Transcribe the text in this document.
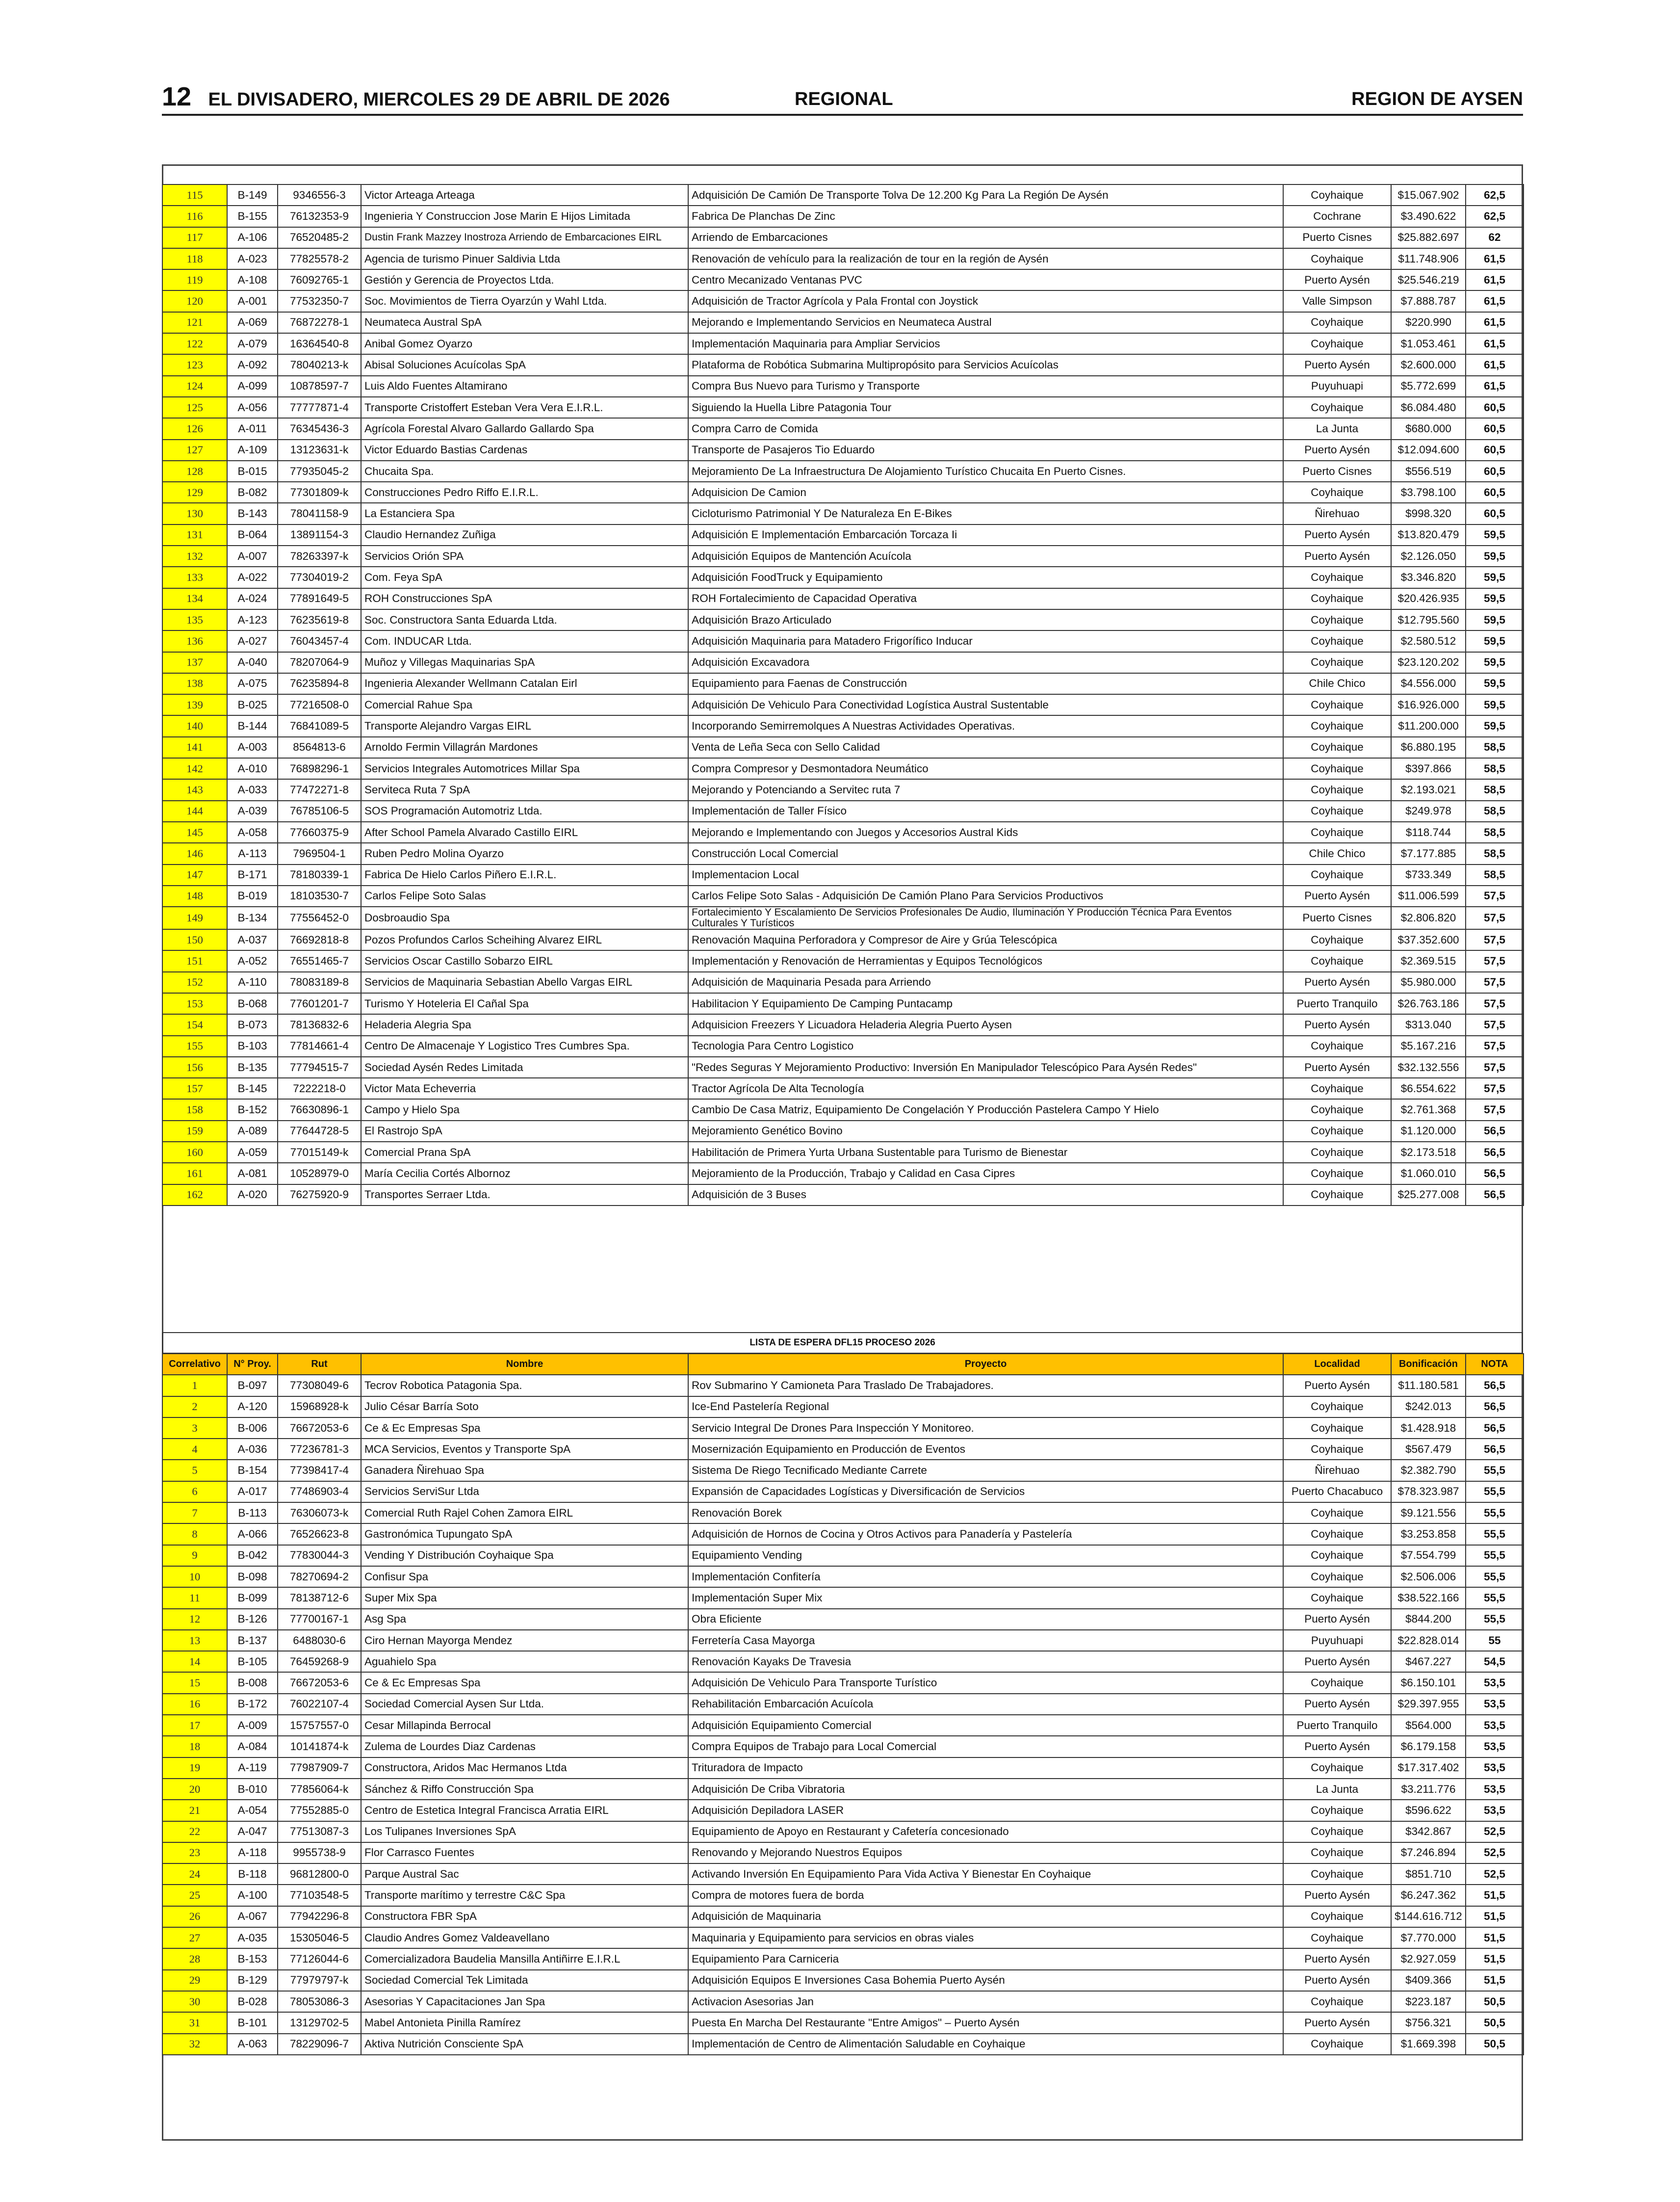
12 EL DIVISADERO, MIERCOLES 29 DE ABRIL DE 2026	REGIONAL	REGION DE AYSEN
115	B-149	9346556-3	Victor Arteaga Arteaga	Adquisición De Camión De Transporte Tolva De 12.200 Kg Para La Región De Aysén	Coyhaique	$15.067.902	62,5
116	B-155	76132353-9	Ingenieria Y Construccion Jose Marin E Hijos Limitada	Fabrica De Planchas De Zinc	Cochrane	$3.490.622	62,5
117	A-106	76520485-2	Dustin Frank Mazzey Inostroza Arriendo de Embarcaciones EIRL	Arriendo de Embarcaciones	Puerto Cisnes	$25.882.697	62
118	A-023	77825578-2	Agencia de turismo Pinuer Saldivia Ltda	Renovación de vehículo para la realización de tour en la región de Aysén	Coyhaique	$11.748.906	61,5
119	A-108	76092765-1	Gestión y Gerencia de Proyectos Ltda.	Centro Mecanizado Ventanas PVC	Puerto Aysén	$25.546.219	61,5
120	A-001	77532350-7	Soc. Movimientos de Tierra Oyarzún y Wahl Ltda.	Adquisición de Tractor Agrícola y Pala Frontal con Joystick	Valle Simpson	$7.888.787	61,5
121	A-069	76872278-1	Neumateca Austral SpA	Mejorando e Implementando Servicios en Neumateca Austral	Coyhaique	$220.990	61,5
122	A-079	16364540-8	Anibal Gomez Oyarzo	Implementación Maquinaria para Ampliar Servicios	Coyhaique	$1.053.461	61,5
123	A-092	78040213-k	Abisal Soluciones Acuícolas SpA	Plataforma de Robótica Submarina Multipropósito para Servicios Acuícolas	Puerto Aysén	$2.600.000	61,5
124	A-099	10878597-7	Luis Aldo Fuentes Altamirano	Compra Bus Nuevo para Turismo y Transporte	Puyuhuapi	$5.772.699	61,5
125	A-056	77777871-4	Transporte Cristoffert Esteban Vera Vera E.I.R.L.	Siguiendo la Huella Libre Patagonia Tour	Coyhaique	$6.084.480	60,5
126	A-011	76345436-3	Agrícola Forestal Alvaro Gallardo Gallardo Spa	Compra Carro de Comida	La Junta	$680.000	60,5
127	A-109	13123631-k	Victor Eduardo Bastias Cardenas	Transporte de Pasajeros Tio Eduardo	Puerto Aysén	$12.094.600	60,5
128	B-015	77935045-2	Chucaita Spa.	Mejoramiento De La Infraestructura De Alojamiento Turístico Chucaita En Puerto Cisnes.	Puerto Cisnes	$556.519	60,5
129	B-082	77301809-k	Construcciones Pedro Riffo E.I.R.L.	Adquisicion De Camion	Coyhaique	$3.798.100	60,5
130	B-143	78041158-9	La Estanciera Spa	Cicloturismo Patrimonial Y De Naturaleza En E-Bikes	Ñirehuao	$998.320	60,5
131	B-064	13891154-3	Claudio Hernandez Zuñiga	Adquisición E Implementación Embarcación Torcaza Ii	Puerto Aysén	$13.820.479	59,5
132	A-007	78263397-k	Servicios Orión SPA	Adquisición Equipos de Mantención Acuícola	Puerto Aysén	$2.126.050	59,5
133	A-022	77304019-2	Com. Feya SpA	Adquisición FoodTruck y Equipamiento	Coyhaique	$3.346.820	59,5
134	A-024	77891649-5	ROH Construcciones SpA	ROH Fortalecimiento de Capacidad Operativa	Coyhaique	$20.426.935	59,5
135	A-123	76235619-8	Soc. Constructora Santa Eduarda Ltda.	Adquisición Brazo Articulado	Coyhaique	$12.795.560	59,5
136	A-027	76043457-4	Com. INDUCAR Ltda.	Adquisición Maquinaria para Matadero Frigorífico Inducar	Coyhaique	$2.580.512	59,5
137	A-040	78207064-9	Muñoz y Villegas Maquinarias SpA	Adquisición Excavadora	Coyhaique	$23.120.202	59,5
138	A-075	76235894-8	Ingenieria Alexander Wellmann Catalan Eirl	Equipamiento para Faenas de Construcción	Chile Chico	$4.556.000	59,5
139	B-025	77216508-0	Comercial Rahue Spa	Adquisición De Vehiculo Para Conectividad Logística Austral Sustentable	Coyhaique	$16.926.000	59,5
140	B-144	76841089-5	Transporte Alejandro Vargas EIRL	Incorporando Semirremolques A Nuestras Actividades Operativas.	Coyhaique	$11.200.000	59,5
141	A-003	8564813-6	Arnoldo Fermin Villagrán Mardones	Venta de Leña Seca con Sello Calidad	Coyhaique	$6.880.195	58,5
142	A-010	76898296-1	Servicios Integrales Automotrices Millar Spa	Compra Compresor y Desmontadora Neumático	Coyhaique	$397.866	58,5
143	A-033	77472271-8	Serviteca Ruta 7 SpA	Mejorando y Potenciando a Servitec ruta 7	Coyhaique	$2.193.021	58,5
144	A-039	76785106-5	SOS Programación Automotriz Ltda.	Implementación de Taller Físico	Coyhaique	$249.978	58,5
145	A-058	77660375-9	After School Pamela Alvarado Castillo EIRL	Mejorando e Implementando con Juegos y Accesorios Austral Kids	Coyhaique	$118.744	58,5
146	A-113	7969504-1	Ruben Pedro Molina Oyarzo	Construcción Local Comercial	Chile Chico	$7.177.885	58,5
147	B-171	78180339-1	Fabrica De Hielo Carlos Piñero E.I.R.L.	Implementacion Local	Coyhaique	$733.349	58,5
148	B-019	18103530-7	Carlos Felipe Soto Salas	Carlos Felipe Soto Salas - Adquisición De Camión Plano Para Servicios Productivos	Puerto Aysén	$11.006.599	57,5
149	B-134	77556452-0	Dosbroaudio Spa	Fortalecimiento Y Escalamiento De Servicios Profesionales De Audio, Iluminación Y Producción Técnica Para Eventos Culturales Y Turísticos	Puerto Cisnes	$2.806.820	57,5
150	A-037	76692818-8	Pozos Profundos Carlos Scheihing Alvarez EIRL	Renovación Maquina Perforadora y Compresor de Aire y Grúa Telescópica	Coyhaique	$37.352.600	57,5
151	A-052	76551465-7	Servicios Oscar Castillo Sobarzo EIRL	Implementación y Renovación de Herramientas y Equipos Tecnológicos	Coyhaique	$2.369.515	57,5
152	A-110	78083189-8	Servicios de Maquinaria Sebastian Abello Vargas EIRL	Adquisición de Maquinaria Pesada para Arriendo	Puerto Aysén	$5.980.000	57,5
153	B-068	77601201-7	Turismo Y Hoteleria El Cañal Spa	Habilitacion Y Equipamiento De Camping Puntacamp	Puerto Tranquilo	$26.763.186	57,5
154	B-073	78136832-6	Heladeria Alegria Spa	Adquisicion Freezers Y Licuadora Heladeria Alegria Puerto Aysen	Puerto Aysén	$313.040	57,5
155	B-103	77814661-4	Centro De Almacenaje Y Logistico Tres Cumbres Spa.	Tecnologia Para Centro Logistico	Coyhaique	$5.167.216	57,5
156	B-135	77794515-7	Sociedad Aysén Redes Limitada	"Redes Seguras Y Mejoramiento Productivo: Inversión En Manipulador Telescópico Para Aysén Redes"	Puerto Aysén	$32.132.556	57,5
157	B-145	7222218-0	Victor Mata Echeverria	Tractor Agrícola De Alta Tecnología	Coyhaique	$6.554.622	57,5
158	B-152	76630896-1	Campo y Hielo Spa	Cambio De Casa Matriz, Equipamiento De Congelación Y Producción Pastelera Campo Y Hielo	Coyhaique	$2.761.368	57,5
159	A-089	77644728-5	El Rastrojo SpA	Mejoramiento Genético Bovino	Coyhaique	$1.120.000	56,5
160	A-059	77015149-k	Comercial Prana SpA	Habilitación de Primera Yurta Urbana Sustentable para Turismo de Bienestar	Coyhaique	$2.173.518	56,5
161	A-081	10528979-0	María Cecilia Cortés Albornoz	Mejoramiento de la Producción, Trabajo y Calidad en Casa Cipres	Coyhaique	$1.060.010	56,5
162	A-020	76275920-9	Transportes Serraer Ltda.	Adquisición de 3 Buses	Coyhaique	$25.277.008	56,5
LISTA DE ESPERA DFL15 PROCESO 2026
Correlativo	N° Proy.	Rut	Nombre	Proyecto	Localidad	Bonificación	NOTA
1	B-097	77308049-6	Tecrov Robotica Patagonia Spa.	Rov Submarino Y Camioneta Para Traslado De Trabajadores.	Puerto Aysén	$11.180.581	56,5
2	A-120	15968928-k	Julio César Barría Soto	Ice-End Pastelería Regional	Coyhaique	$242.013	56,5
3	B-006	76672053-6	Ce & Ec Empresas Spa	Servicio Integral De Drones Para Inspección Y Monitoreo.	Coyhaique	$1.428.918	56,5
4	A-036	77236781-3	MCA Servicios, Eventos y Transporte SpA	Mosernización Equipamiento en Producción de Eventos	Coyhaique	$567.479	56,5
5	B-154	77398417-4	Ganadera Ñirehuao Spa	Sistema De Riego Tecnificado Mediante Carrete	Ñirehuao	$2.382.790	55,5
6	A-017	77486903-4	Servicios ServiSur Ltda	Expansión de Capacidades Logísticas y Diversificación de Servicios	Puerto Chacabuco	$78.323.987	55,5
7	B-113	76306073-k	Comercial Ruth Rajel Cohen Zamora EIRL	Renovación Borek	Coyhaique	$9.121.556	55,5
8	A-066	76526623-8	Gastronómica Tupungato SpA	Adquisición de Hornos de Cocina y Otros Activos para Panadería y Pastelería	Coyhaique	$3.253.858	55,5
9	B-042	77830044-3	Vending Y Distribución Coyhaique Spa	Equipamiento Vending	Coyhaique	$7.554.799	55,5
10	B-098	78270694-2	Confisur Spa	Implementación Confitería	Coyhaique	$2.506.006	55,5
11	B-099	78138712-6	Super Mix Spa	Implementación Super Mix	Coyhaique	$38.522.166	55,5
12	B-126	77700167-1	Asg Spa	Obra Eficiente	Puerto Aysén	$844.200	55,5
13	B-137	6488030-6	Ciro Hernan Mayorga Mendez	Ferretería Casa Mayorga	Puyuhuapi	$22.828.014	55
14	B-105	76459268-9	Aguahielo Spa	Renovación Kayaks De Travesia	Puerto Aysén	$467.227	54,5
15	B-008	76672053-6	Ce & Ec Empresas Spa	Adquisición De Vehiculo Para Transporte Turístico	Coyhaique	$6.150.101	53,5
16	B-172	76022107-4	Sociedad Comercial Aysen Sur Ltda.	Rehabilitación Embarcación Acuícola	Puerto Aysén	$29.397.955	53,5
17	A-009	15757557-0	Cesar Millapinda Berrocal	Adquisición Equipamiento Comercial	Puerto Tranquilo	$564.000	53,5
18	A-084	10141874-k	Zulema de Lourdes Diaz Cardenas	Compra Equipos de Trabajo para Local Comercial	Puerto Aysén	$6.179.158	53,5
19	A-119	77987909-7	Constructora, Aridos Mac Hermanos Ltda	Trituradora de Impacto	Coyhaique	$17.317.402	53,5
20	B-010	77856064-k	Sánchez & Riffo Construcción Spa	Adquisición De Criba Vibratoria	La Junta	$3.211.776	53,5
21	A-054	77552885-0	Centro de Estetica Integral Francisca Arratia EIRL	Adquisición Depiladora LASER	Coyhaique	$596.622	53,5
22	A-047	77513087-3	Los Tulipanes Inversiones SpA	Equipamiento de Apoyo en Restaurant y Cafetería concesionado	Coyhaique	$342.867	52,5
23	A-118	9955738-9	Flor Carrasco Fuentes	Renovando y Mejorando Nuestros Equipos	Coyhaique	$7.246.894	52,5
24	B-118	96812800-0	Parque Austral Sac	Activando Inversión En Equipamiento Para Vida Activa Y Bienestar En Coyhaique	Coyhaique	$851.710	52,5
25	A-100	77103548-5	Transporte marítimo y terrestre C&C Spa	Compra de motores fuera de borda	Puerto Aysén	$6.247.362	51,5
26	A-067	77942296-8	Constructora FBR SpA	Adquisición de Maquinaria	Coyhaique	$144.616.712	51,5
27	A-035	15305046-5	Claudio Andres Gomez Valdeavellano	Maquinaria y Equipamiento para servicios en obras viales	Coyhaique	$7.770.000	51,5
28	B-153	77126044-6	Comercializadora Baudelia Mansilla Antiñirre E.I.R.L	Equipamiento Para Carniceria	Puerto Aysén	$2.927.059	51,5
29	B-129	77979797-k	Sociedad Comercial Tek Limitada	Adquisición Equipos E Inversiones Casa Bohemia Puerto Aysén	Puerto Aysén	$409.366	51,5
30	B-028	78053086-3	Asesorias Y Capacitaciones Jan Spa	Activacion Asesorias Jan	Coyhaique	$223.187	50,5
31	B-101	13129702-5	Mabel Antonieta Pinilla Ramírez	Puesta En Marcha Del Restaurante "Entre Amigos" – Puerto Aysén	Puerto Aysén	$756.321	50,5
32	A-063	78229096-7	Aktiva Nutrición Consciente SpA	Implementación de Centro de Alimentación Saludable en Coyhaique	Coyhaique	$1.669.398	50,5
